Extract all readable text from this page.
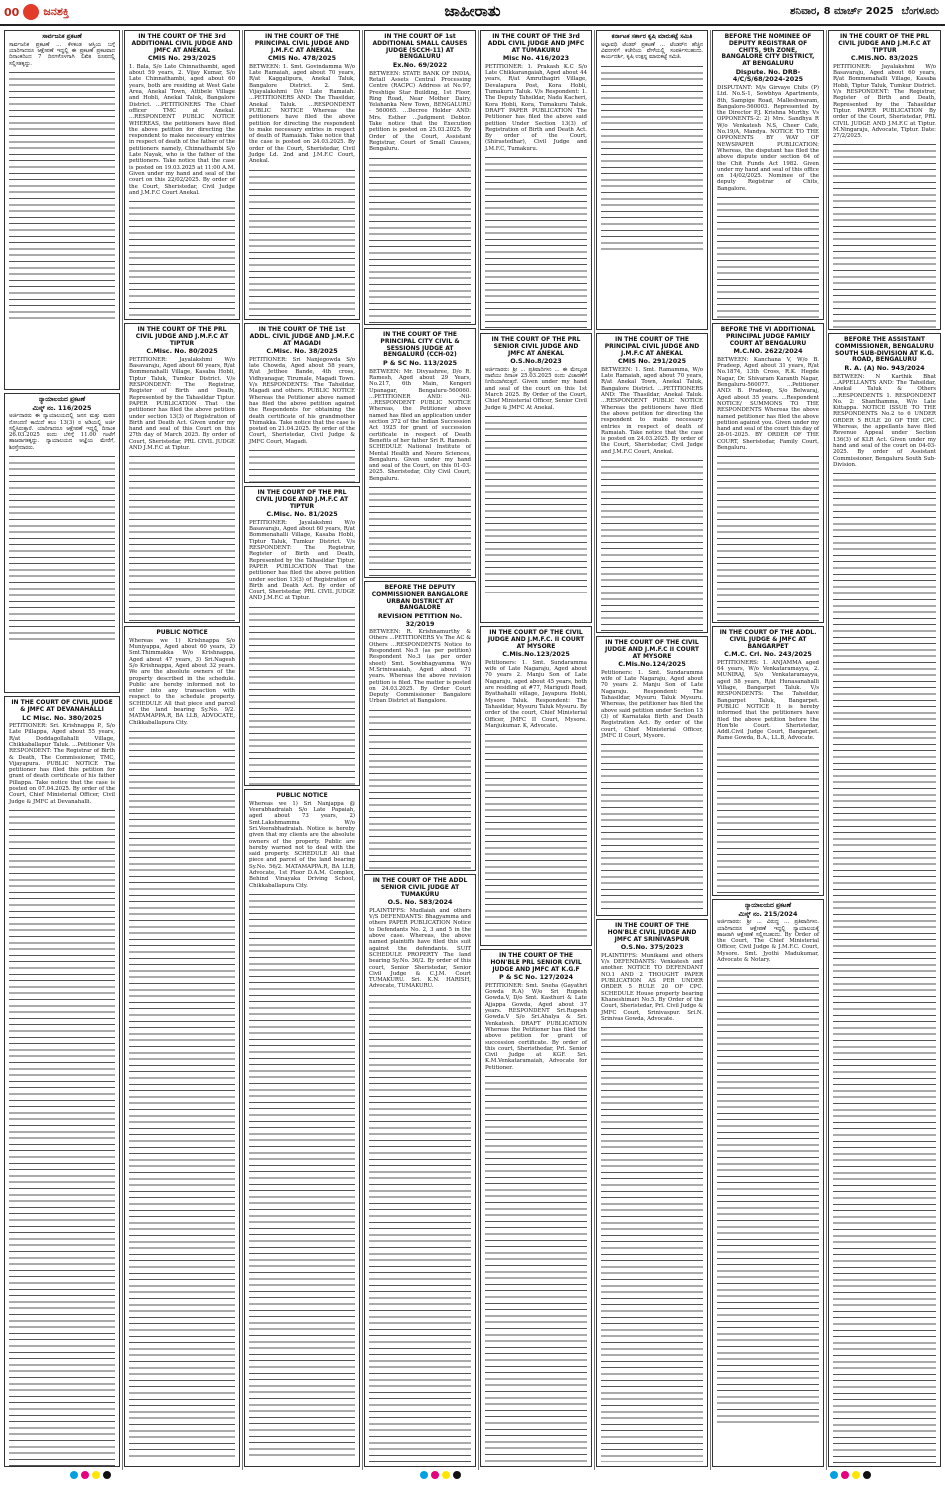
00 ಜನಶಕ್ತಿ	ಜಾಹೀರಾತು	ಶನಿವಾರ, 8 ಮಾರ್ಚ್ 2025 ಬೆಂಗಳೂರು
ಸಾರ್ವಜನಿಕ ಪ್ರಕಟಣೆ
ಸಾರ್ವಜನಿಕ ಪ್ರಕಟಣೆ ... ಕೆಳಕಂಡ ಆಸ್ತಿಯ ಬಗ್ಗೆ ಯಾರಿಗಾದರೂ ಆಕ್ಷೇಪಣೆ ಇದ್ದಲ್ಲಿ ಈ ಪ್ರಕಟಣೆ ಪ್ರಕಟವಾದ ದಿನಾಂಕದಿಂದ 7 ದಿನಗಳೊಳಗಾಗಿ ಲಿಖಿತ ರೂಪದಲ್ಲಿ ಸಲ್ಲಿಸತಕ್ಕದ್ದು.
ನ್ಯಾಯಾಲಯದ ಪ್ರಕಟಣೆ
ಮಿಸ್ಕ್ ನಂ. 116/2025
ಅರ್ಜಿದಾರರು ಈ ನ್ಯಾಯಾಲಯದಲ್ಲಿ ಜನನ ಮತ್ತು ಮರಣ ನೋಂದಣಿ ಕಾಯಿದೆ ಕಲಂ 13(3) ರ ಅಡಿಯಲ್ಲಿ ಅರ್ಜಿ ಸಲ್ಲಿಸಿರುತ್ತಾರೆ. ಯಾರಿಗಾದರೂ ಆಕ್ಷೇಪಣೆ ಇದ್ದಲ್ಲಿ ದಿನಾಂಕ 26.03.2025 ರಂದು ಬೆಳಿಗ್ಗೆ 11.00 ಗಂಟೆಗೆ ಹಾಜರಾಗತಕ್ಕದ್ದು. ನ್ಯಾಯಾಲಯದ ಆಜ್ಞೆಯ ಮೇರೆಗೆ, ಶಿರಸ್ತೇದಾರರು.
IN THE COURT OF CIVIL JUDGE & JMFC AT DEVANAHALLI
LC Misc. No. 380/2025
PETITIONER: Sri. Krishnappa P., S/o Late Pillappa, Aged about 55 years, R/at Doddagollahalli Village, Chikkaballapur Taluk. ...Petitioner V/s RESPONDENT: The Registrar of Birth & Death, The Commissioner, TMC, Vijayapura. PUBLIC NOTICE The petitioner has filed this petition for grant of death certificate of his father Pillappa. Take notice that the case is posted on 07.04.2025. By order of the Court, Chief Ministerial Officer, Civil Judge & JMFC at Devanahalli.
IN THE COURT OF THE 3rd ADDITIONAL CIVIL JUDGE AND JMFC AT ANEKAL
CMIS No. 293/2025
1. Bala, S/o Late Chinnathambi, aged about 59 years, 2. Vijay Kumar, S/o Late Chinnathambi, aged about 60 years, both are residing at West Gate Area, Anekal Town, Attibele Village and Hobli, Anekal Taluk, Bangalore District. ...PETITIONERS The Chief officer TMC at Anekal. ...RESPONDENT PUBLIC NOTICE WHEREAS, the petitioners have filed the above petition for directing the respondent to make necessary entries in respect of death of the father of the petitioners namely, Chinnathambi S/o Late Nayak, who is the father of the petitioners. Take notice that the case is posted on 19.03.2025 at 11:00 A.M. Given under my hand and seal of the court on this 22/02/2025. By order of the Court, Sheristedar, Civil Judge and J.M.F.C Court Anekal.
IN THE COURT OF THE PRL CIVIL JUDGE AND J.M.F.C AT TIPTUR
C.Misc. No. 80/2025
PETITIONER: Jayalakshmi W/o Basavaraju, Aged about 60 years, R/at Bommenahalli Village, Kasaba Hobli, Tiptur Taluk, Tumkur District. V/s RESPONDENT: The Registrar, Register of Birth and Death, Represented by the Tahasildar Tiptur. PAPER PUBLICATION That the petitioner has filed the above petition under section 13(3) of Registration of Birth and Death Act. Given under my hand and seal of this Court on this 27th day of March 2025. By order of Court, Sheristedar, PRL CIVIL JUDGE AND J.M.F.C at Tiptur.
PUBLIC NOTICE
Whereas we 1) Krishnappa S/o Muniyappa, Aged about 60 years, 2) Smt.Thimmakka W/o Krishnappa, Aged about 47 years, 3) Sri.Nagesh S/o Krishnappa, Aged about 32 years. We are the absolute owners of the property described in the schedule. Public are hereby informed not to enter into any transaction with respect to the schedule property. SCHEDULE All that piece and parcel of the land bearing Sy.No. 9/2. MATAMAPPA.R, BA LLB, ADVOCATE, Chikkaballapura City.
IN THE COURT OF THE PRINCIPAL CIVIL JUDGE AND J.M.F.C AT ANEKAL
CMIS No. 478/2025
BETWEEN: 1. Smt. Govindamma W/o Late Ramaiah, aged about 70 years, R/at Kaggalipura, Anekal Taluk, Bangalore District. 2. Smt. Vijayalakshmi D/o Late Ramaiah. ...PETITIONERS AND: The Thasildar, Anekal Taluk. ...RESPONDENT PUBLIC NOTICE Whereas the petitioners have filed the above petition for directing the respondent to make necessary entries in respect of death of Ramaiah. Take notice that the case is posted on 24.03.2025. By order of the Court, Sheristedar, Civil Judge Ld. 2nd and J.M.F.C Court, Anekal.
IN THE COURT OF THE 1st ADDL. CIVIL JUDGE AND J.M.F.C AT MAGADI
C.Misc. No. 38/2025
PETITIONER: Sri Nanjegowda S/o late Chowda, Aged about 58 years, R/at Jetthee Bande, 4th cross, Vidhyanagar, Tirumale, Magadi Town. V/s RESPONDENTS: The Tahsildar, Magadi and others. PUBLIC NOTICE Whereas the Petitioner above named has filed the above petition against the Respondents for obtaining the death certificate of his grandmother Thimakka. Take notice that the case is posted on 21.04.2025. By order of the Court, Sheristedar, Civil Judge & JMFC Court, Magadi.
IN THE COURT OF THE PRL CIVIL JUDGE AND J.M.F.C AT TIPTUR
C.Misc. No. 81/2025
PETITIONER: Jayalakshmi W/o Basavaraju, Aged about 60 years, R/at Bommenahalli Village, Kasaba Hobli, Tiptur Taluk, Tumkur District. V/s RESPONDENT: The Registrar, Register of Birth and Death, Represented by the Tahasildar Tiptur. PAPER PUBLICATION That the petitioner has filed the above petition under section 13(3) of Registration of Birth and Death Act. By order of Court, Sheristedar, PRL CIVIL JUDGE AND J.M.F.C at Tiptur.
PUBLIC NOTICE
Whereas we 1) Sri Nanjappa @ Veerabhadraiah S/o Late Papaiah, aged about 73 years, 2) Smt.Lakshmamma W/o Sri.Veerabhadraiah. Notice is hereby given that my clients are the absolute owners of the property. Public are hereby warned not to deal with the said property. SCHEDULE All that piece and parcel of the land bearing Sy.No. 56/2. MATAMAPPA.R, BA LLB, Advocate, 1st Floor D.A.M. Complex, Behind Vinayaka Driving School, Chikkaballapura City.
IN THE COURT OF 1st ADDITIONAL SMALL CAUSES JUDGE (SCCH-11) AT BENGALURU
Ex.No. 69/2022
BETWEEN: STATE BANK OF INDIA, Retail Assets Central Processing Centre (RACPC) Address at No.97, Preshtige Star Building, 1st Floor, Ring Road, Near Mother Dairy, Yelahanka New Town, BENGALURU - 560065. ...Decree Holder AND: Mrs. Esther ...Judgment Debtor. Take notice that the Execution petition is posted on 25.03.2025. By Order of the Court, Assistant Registrar, Court of Small Causes, Bengaluru.
IN THE COURT OF THE PRINCIPAL CITY CIVIL & SESSIONS JUDGE AT BENGALURU (CCH-02)
P & SC No. 113/2025
BETWEEN: Mr. Divyashree, D/o R. Ramesh, Aged about 29 Years, No.217, 6th Main, Kengeri Upanagar, Bengaluru-560060. ...PETITIONER AND: -Nil- ...RESPONDENT PUBLIC NOTICE Whereas, the Petitioner above named has filed an application under section 372 of the Indian Succession Act 1925 for grant of succession certificate in respect of Death Benefits of her father Sri R. Ramesh. SCHEDULE National Institute of Mental Health and Neuro Sciences, Bengaluru. Given under my hand and seal of the Court, on this 01-03-2025. Sheristedar, City Civil Court, Bengaluru.
BEFORE THE DEPUTY COMMISSIONER BANGALORE URBAN DISTRICT AT BANGALORE
REVISION PETITION No. 32/2019
BETWEEN: R. Krishnamurthy & Others ...PETITIONERS Vs The AC & Others ...RESPONDENTS Notice to Respondent No.5 (as per petition) Respondent No.3 (as per order sheet) Smt. Sowbhagyamma W/o M.Srinivasaiah, Aged about 71 years. Whereas the above revision petition is filed. The matter is posted on 24.03.2025. By Order Court Deputy Commissioner Bangalore Urban District at Bangalore.
IN THE COURT OF THE ADDL SENIOR CIVIL JUDGE AT TUMAKURU
O.S. No. 583/2024
PLAINTIFFS: Mudlaiah and others V/S DEFENDANTS: Bhagyamma and others PAPER PUBLICATION Notice to Defendants No. 2, 3 and 5 in the above case. Whereas, the above named plaintiffs have filed this suit against the defendants. SUIT SCHEDULE PROPERTY The land bearing Sy.No. 36/2. By order of this court, Senior Sheristedar, Senior Civil Judge & C.J.M. Court TUMAKURU. Sri. K.N. HARISH, Advocate, TUMAKURU.
IN THE COURT OF THE 3rd ADDL CIVIL JUDGE AND JMFC AT TUMAKURU
Misc No. 416/2023
PETITIONER: 1. Prakash K.C S/o Late Chikkarangaiah, Aged about 44 years, R/at Amruthagiri Village, Devalapura Post, Kora Hobli, Tumakuru Taluk. V/s Respondent: 1. The Deputy Tahsildar, Nada Kacheri, Kora Hobli, Kora, Tumakuru Taluk. DRAFT PAPER PUBLICATION The Petitioner has filed the above said petition Under Section 13(3) of Registration of Birth and Death Act. By order of the Court, (Shirastedhar), Civil Judge and J.M.F.C, Tumakuru.
IN THE COURT OF THE PRL SENIOR CIVIL JUDGE AND JMFC AT ANEKAL
O.S.No.8/2023
ಅರ್ಜಿದಾರರು: ಶ್ರೀ ... ಪ್ರತಿವಾದಿಗಳು ... ಈ ಮೇಲ್ಕಂಡ ದಾವೆಯು ದಿನಾಂಕ 25.03.2025 ರಂದು ವಿಚಾರಣೆಗೆ ನಿಗದಿಯಾಗಿರುತ್ತದೆ. Given under my hand and seal of the court on this 1st March 2025. By Order of the Court, Chief Ministerial Officer, Senior Civil Judge & JMFC At Anekal.
IN THE COURT OF THE CIVIL JUDGE AND J.M.F.C. II COURT AT MYSORE
C.Mis.No.123/2025
Petitioners: 1. Smt. Sundaramma wife of Late Nagaraju, Aged about 70 years 2. Manju Son of Late Nagaraju, aged about 45 years, both are residing at #77, Marigudi Road, Byathahalli village, Jayapura Hobli, Mysore Taluk. Respondent: The Tahasildar, Mysuru Taluk Mysuru. By order of the court, Chief Ministerial Officer, JMFC II Court, Mysore. Manjukumar. K, Advocate.
IN THE COURT OF THE HON'BLE PRL SENIOR CIVIL JUDGE AND JMFC AT K.G.F
P & SC No. 127/2024
PETITIONER: Smt. Sneha (Gayathri Gowda R.A) W/o Sri Rupesh Gowda.V, D/o Smt. Kasthuri & Late Ajjappa Gowda, Aged about 37 years. RESPONDENT Sri.Rupesh Gowda.V S/o Sri.Ahalya & Sri. Venkatesh. DRAFT PUBLICATION Whereas the Petitioner has filed the above petition for grant of succession certificate. By order of this court, Sheristhedar, Prl. Senior Civil Judge at KGF. Sri. K.M.Venkataramaiah, Advocate for Petitioner.
ಕರ್ನಾಟಕ ಸರ್ಕಾರ ಕೃಷಿ ಮಾರುಕಟ್ಟೆ ಸಮಿತಿ
ಅಲ್ಪಾವಧಿ ಟೆಂಡರ್ ಪ್ರಕಟಣೆ ... ಟೆಂಡರ್‌ನ ಹೆಚ್ಚಿನ ವಿವರಗಳಿಗೆ ಕಚೇರಿಯ ವೇಳೆಯಲ್ಲಿ ಸಂಪರ್ಕಿಸಬಹುದು. ಕಾರ್ಯದರ್ಶಿ, ಕೃಷಿ ಉತ್ಪನ್ನ ಮಾರುಕಟ್ಟೆ ಸಮಿತಿ.
IN THE COURT OF THE PRINCIPAL CIVIL JUDGE AND J.M.F.C AT ANEKAL
CMIS No. 291/2025
BETWEEN: 1. Smt. Ramamma, W/o Late Ramaiah, aged about 70 years, R/at Anekal Town, Anekal Taluk, Bangalore District. ...PETITIONERS AND: The Thasildar, Anekal Taluk. ...RESPONDENT PUBLIC NOTICE Whereas the petitioners have filed the above petition for directing the respondent to make necessary entries in respect of death of Ramaiah. Take notice that the case is posted on 24.03.2025. By order of the Court, Sheristedar, Civil Judge and J.M.F.C Court, Anekal.
IN THE COURT OF THE CIVIL JUDGE AND J.M.F.C II COURT AT MYSORE
C.Mis.No.124/2025
Petitioners: 1. Smt. Sundaramma wife of Late Nagaraju, Aged about 70 years 2. Manju Son of Late Nagaraju. Respondent: The Tahasildar, Mysuru Taluk Mysuru. Whereas, the petitioner has filed the above said petition under Section 13 (3) of Karnataka Birth and Death Registration Act. By order of the court, Chief Ministerial Officer, JMFC II Court, Mysore.
IN THE COURT OF THE HON'BLE CIVIL JUDGE AND JMFC AT SRINIVASPUR
O.S.No. 375/2023
PLAINTIFFS: Munikami and others V/s DEFENDANTS: Venkatesh and another. NOTICE TO DEFENDANT NO.1 AND 2 THOUGHT PAPER PUBLICATION AS PER UNDER ORDER 5 RULE 20 OF CPC. SCHEDULE House property bearing Khaneshimari No.5. By Order of the Court, Sheristedar, Prl. Civil Judge & JMFC Court, Srinivaspur. Sri.N. Srinivas Gowda, Advocate.
BEFORE THE NOMINEE OF DEPUTY REGISTRAR OF CHITS, 9th ZONE, BANGALORE CITY DISTRICT, AT BENGALURU
Dispute. No. DRB-4/C/S/68/2024-2025
DISPUTANT: M/s Girvaye Chits (P) Ltd. No.S-1, Sowbhya Apartments, 8th, Sampige Road, Malleshwaram, Bangalore-560003. Represented by the Director P.J. Krishna Murthy. Vs OPPONENTS-2: 2) Mrs. Sandhya R W/o Venkatesh N.S, Cheer Cafe, No.19/A, Mandya. NOTICE TO THE OPPONENTS BY WAY OF NEWSPAPER PUBLICATION: Whereas, the disputant has filed the above dispute under section 64 of the Chit Funds Act 1982. Given under my hand and seal of this office on 14/02/2025. Nominee of the deputy Registrar of Chits, Bangalore.
BEFORE THE VI ADDITIONAL PRINCIPAL JUDGE FAMILY COURT AT BENGALURU
M.C.NO. 2622/2024
BETWEEN: Kanchana V, W/o B. Pradeep, Aged about 31 years, R/at No.1874, 13th Cross, R.K. Hegde Nagar, Dr. Shivaram Karanth Nagar, Bengaluru-560077. ...Petitioner AND: B. Pradeep, S/o Belwaraj, Aged about 35 years. ...Respondent NOTICE/ SUMMONS TO THE RESPONDENTS Whereas the above named petitioner has filed the above petition against you. Given under my hand and seal of the court this day of 28-01-2025. BY ORDER OF THE COURT, Sheristedar, Family Court, Bengaluru.
IN THE COURT OF THE ADDL. CIVIL JUDGE & JMFC AT BANGARPET
C.M.C. Crl. No. 243/2025
PETITIONERS: 1. ANJAMMA aged 64 years, W/o Venkataramayya, 2. MUNIRAJ, S/o Venkataramayya, aged 58 years, R/at Hunasanahalli Village, Bangarpet Taluk. V/s RESPONDENTS: The Tahsildar, Bangarpet Taluk, Bangarpet. PUBLIC NOTICE It is hereby informed that the petitioners have filed the above petition before the Hon'ble Court. Sheristedar, Addl.Civil Judge Court, Bangarpet. Rame Gowda, B.A., LL.B, Advocate.
ನ್ಯಾಯಾಲಯದ ಪ್ರಕಟಣೆ
ಮಿಸ್ಕ್ ನಂ. 215/2024
ಅರ್ಜಿದಾರರು: ಶ್ರೀ ... ವಿರುದ್ಧ ... ಪ್ರತಿವಾದಿಗಳು. ಯಾರಿಗಾದರೂ ಆಕ್ಷೇಪಣೆ ಇದ್ದಲ್ಲಿ ನ್ಯಾಯಾಲಯಕ್ಕೆ ಹಾಜರಾಗಿ ಆಕ್ಷೇಪಣೆ ಸಲ್ಲಿಸಬಹುದು. By Order of the Court, The Chief Ministerial Officer, Civil Judge & J.M.F.C. Court, Mysore. Smt. Jyothi Madukumar, Advocate & Notary.
IN THE COURT OF THE PRL CIVIL JUDGE AND J.M.F.C AT TIPTUR
C.MIS.NO. 83/2025
PETITIONER: Jayalakshmi W/o Basavaraju, Aged about 60 years, R/at Bommenahalli Village, Kasaba Hobli, Tiptur Taluk, Tumkur District. V/s RESPONDENT: The Registrar, Register of Birth and Death, Represented by the Tahasildar Tiptur. PAPER PUBLICATION By order of the Court, Sheristedar, PRL CIVIL JUDGE AND J.M.F.C at Tiptur. M.Ningaraju, Advocate, Tiptur. Date: 27/2/2025.
BEFORE THE ASSISTANT COMMISSIONER, BENGALURU SOUTH SUB-DIVISION AT K.G. ROAD, BENGALURU
R. A. (A) No. 943/2024
BETWEEN: N Karthik Bhat ...APPELLANTS AND: The Tahsildar, Anekal Taluk & Others ...RESPONDENTS 1. RESPONDENT No. 2: Shanthamma, W/o Late Kittappa. NOTICE ISSUE TO THE RESPONDENTS No.2 to 6 UNDER ORDER 5 RULE 20 OF THE CPC. Whereas, the appellants have filed Revenue Appeal under Section 136(3) of KLR Act. Given under my hand and seal of the court on 04-03-2025. By order of Assistant Commissioner, Bengaluru South Sub-Division.
